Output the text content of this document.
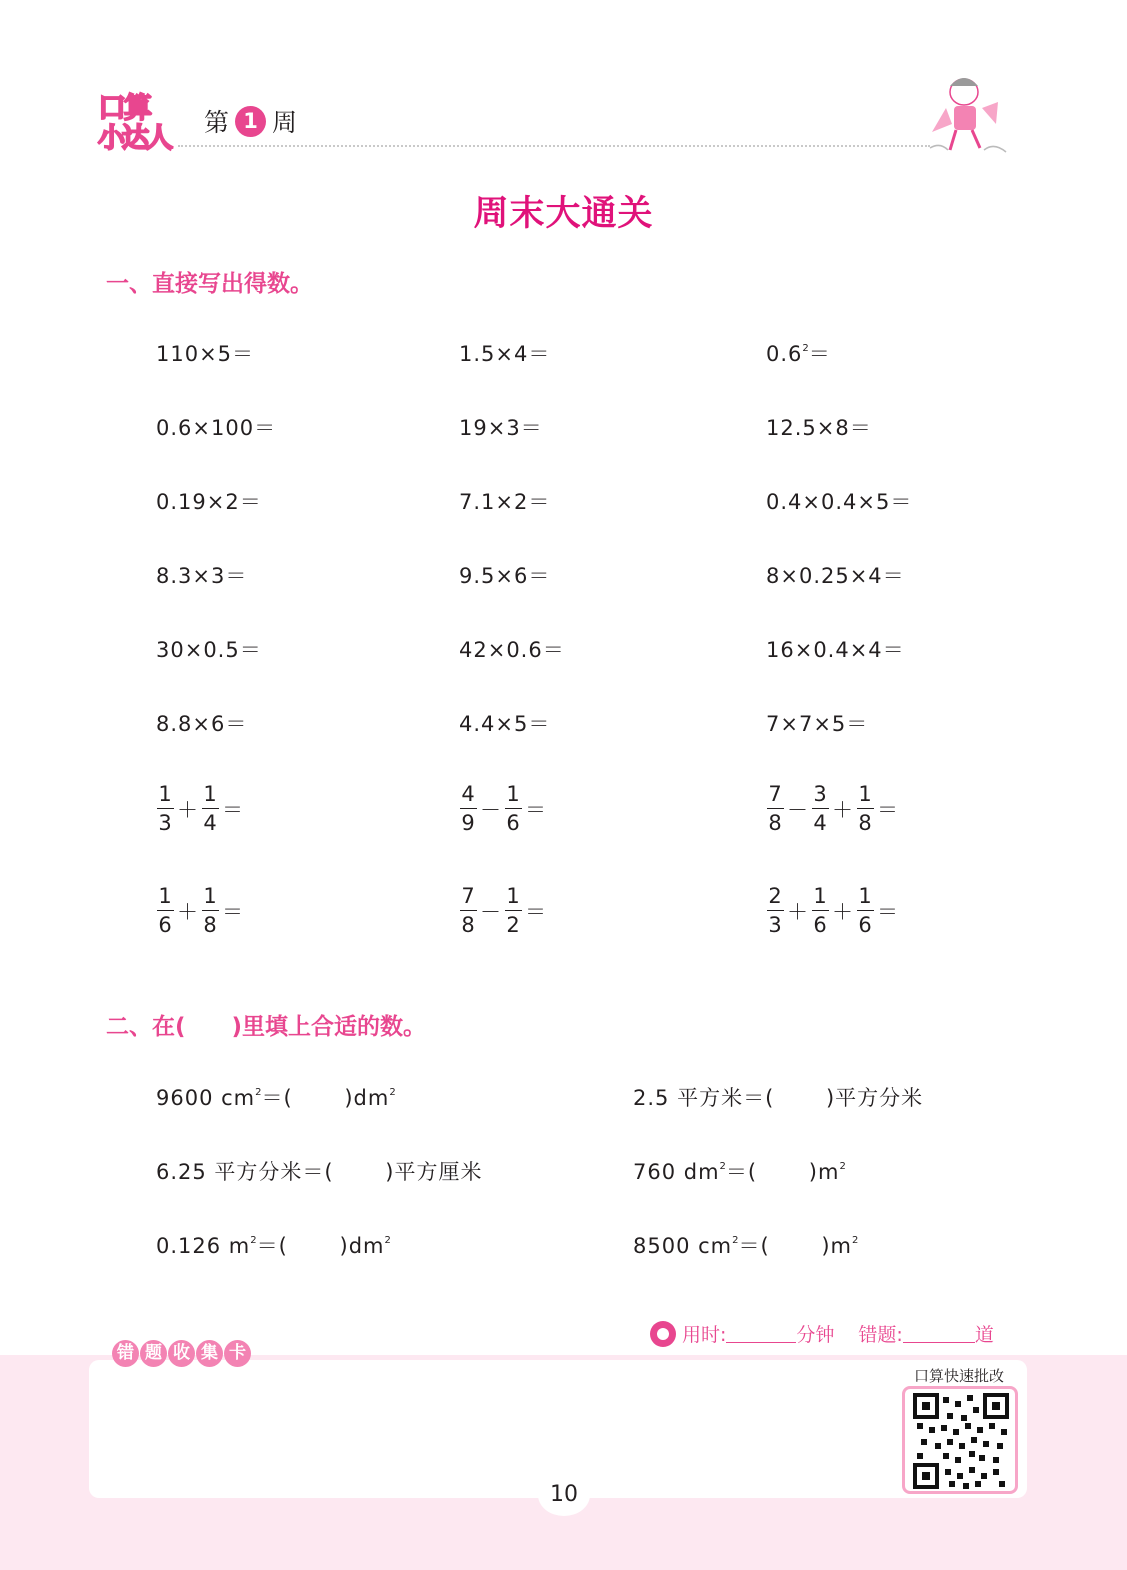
口算
小达人
第 1 周
周末大通关
一、直接写出得数。
110×5＝	1.5×4＝	$0.6^2=$
0.6×100＝	19×3＝	12.5×8＝
0.19×2＝	7.1×2＝	0.4×0.4×5＝
8.3×3＝	9.5×6＝	8×0.25×4＝
30×0.5＝	42×0.6＝	16×0.4×4＝
8.8×6＝	4.4×5＝	7×7×5＝
$\frac{1}{3} + \frac{1}{4}$ ＝	$\frac{4}{9} - \frac{1}{6}$ ＝	$\frac{7}{8} - \frac{3}{4} + \frac{1}{8}$ ＝
$\frac{1}{6} + \frac{1}{8}$ ＝	$\frac{7}{8} - \frac{1}{2}$ ＝	$\frac{2}{3} + \frac{1}{6} + \frac{1}{6}$ ＝
二、在(　　)里填上合适的数。
9600 $cm^2=$(　　 )$dm^2$	2.5 平方米＝(　　 )平方分米
6.25 平方分米＝(　　 )平方厘米	760 $dm^2=$(　　 )$m^2$
0.126 $m^2=$(　　 )$dm^2$	8500 $cm^2=$(　　 )$m^2$
用时:	分钟 错题:	道
错 题 收 集 卡
口算快速批改
10
